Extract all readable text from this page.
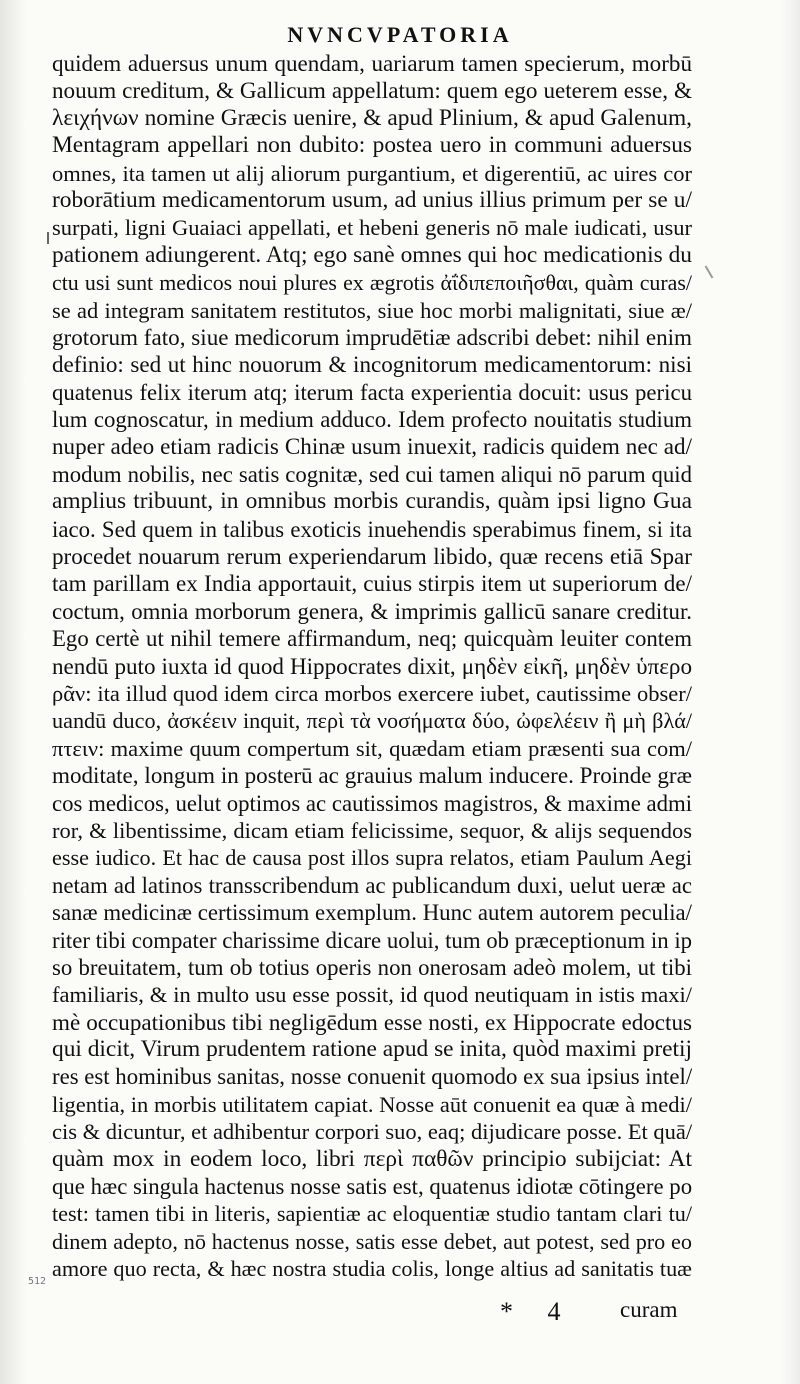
NVNCVPATORIA
quidem aduersus unum quendam, uariarum tamen specierum, morbū
nouum creditum, & Gallicum appellatum: quem ego ueterem esse, &
λειχήνων nomine Græcis uenire, & apud Plinium, & apud Galenum,
Mentagram appellari non dubito: postea uero in communi aduersus
omnes, ita tamen ut alij aliorum purgantium, et digerentiū, ac uires cor
roborātium medicamentorum usum, ad unius illius primum per se u/
surpati, ligni Guaiaci appellati, et hebeni generis nō male iudicati, usur
pationem adiungerent. Atq; ego sanè omnes qui hoc medicationis du
ctu usi sunt medicos noui plures ex ægrotis ἀΐδιπεποιῆσθαι, quàm curas/
se ad integram sanitatem restitutos, siue hoc morbi malignitati, siue æ/
grotorum fato, siue medicorum imprudētiæ adscribi debet: nihil enim
definio: sed ut hinc nouorum & incognitorum medicamentorum: nisi
quatenus felix iterum atq; iterum facta experientia docuit: usus pericu
lum cognoscatur, in medium adduco. Idem profecto nouitatis studium
nuper adeo etiam radicis Chinæ usum inuexit, radicis quidem nec ad/
modum nobilis, nec satis cognitæ, sed cui tamen aliqui nō parum quid
amplius tribuunt, in omnibus morbis curandis, quàm ipsi ligno Gua
iaco. Sed quem in talibus exoticis inuehendis sperabimus finem, si ita
procedet nouarum rerum experiendarum libido, quæ recens etiā Spar
tam parillam ex India apportauit, cuius stirpis item ut superiorum de/
coctum, omnia morborum genera, & imprimis gallicū sanare creditur.
Ego certè ut nihil temere affirmandum, neq; quicquàm leuiter contem
nendū puto iuxta id quod Hippocrates dixit, μηδὲν εἰκῆ, μηδὲν ὑπερο
ρᾶν: ita illud quod idem circa morbos exercere iubet, cautissime obser/
uandū duco, ἀσκέειν inquit, περὶ τὰ νοσήματα δύο, ὠφελέειν ἢ μὴ βλά/
πτειν: maxime quum compertum sit, quædam etiam præsenti sua com/
moditate, longum in posterū ac grauius malum inducere. Proinde græ
cos medicos, uelut optimos ac cautissimos magistros, & maxime admi
ror, & libentissime, dicam etiam felicissime, sequor, & alijs sequendos
esse iudico. Et hac de causa post illos supra relatos, etiam Paulum Aegi
netam ad latinos transscribendum ac publicandum duxi, uelut ueræ ac
sanæ medicinæ certissimum exemplum. Hunc autem autorem peculia/
riter tibi compater charissime dicare uolui, tum ob præceptionum in ip
so breuitatem, tum ob totius operis non onerosam adeò molem, ut tibi
familiaris, & in multo usu esse possit, id quod neutiquam in istis maxi/
mè occupationibus tibi negligēdum esse nosti, ex Hippocrate edoctus
qui dicit, Virum prudentem ratione apud se inita, quòd maximi pretij
res est hominibus sanitas, nosse conuenit quomodo ex sua ipsius intel/
ligentia, in morbis utilitatem capiat. Nosse aūt conuenit ea quæ à medi/
cis & dicuntur, et adhibentur corpori suo, eaq; dijudicare posse. Et quā/
quàm mox in eodem loco, libri περὶ παθῶν principio subijciat: At
que hæc singula hactenus nosse satis est, quatenus idiotæ cōtingere po
test: tamen tibi in literis, sapientiæ ac eloquentiæ studio tantam clari tu/
dinem adepto, nō hactenus nosse, satis esse debet, aut potest, sed pro eo
amore quo recta, & hæc nostra studia colis, longe altius ad sanitatis tuæ
512
* 4 curam
